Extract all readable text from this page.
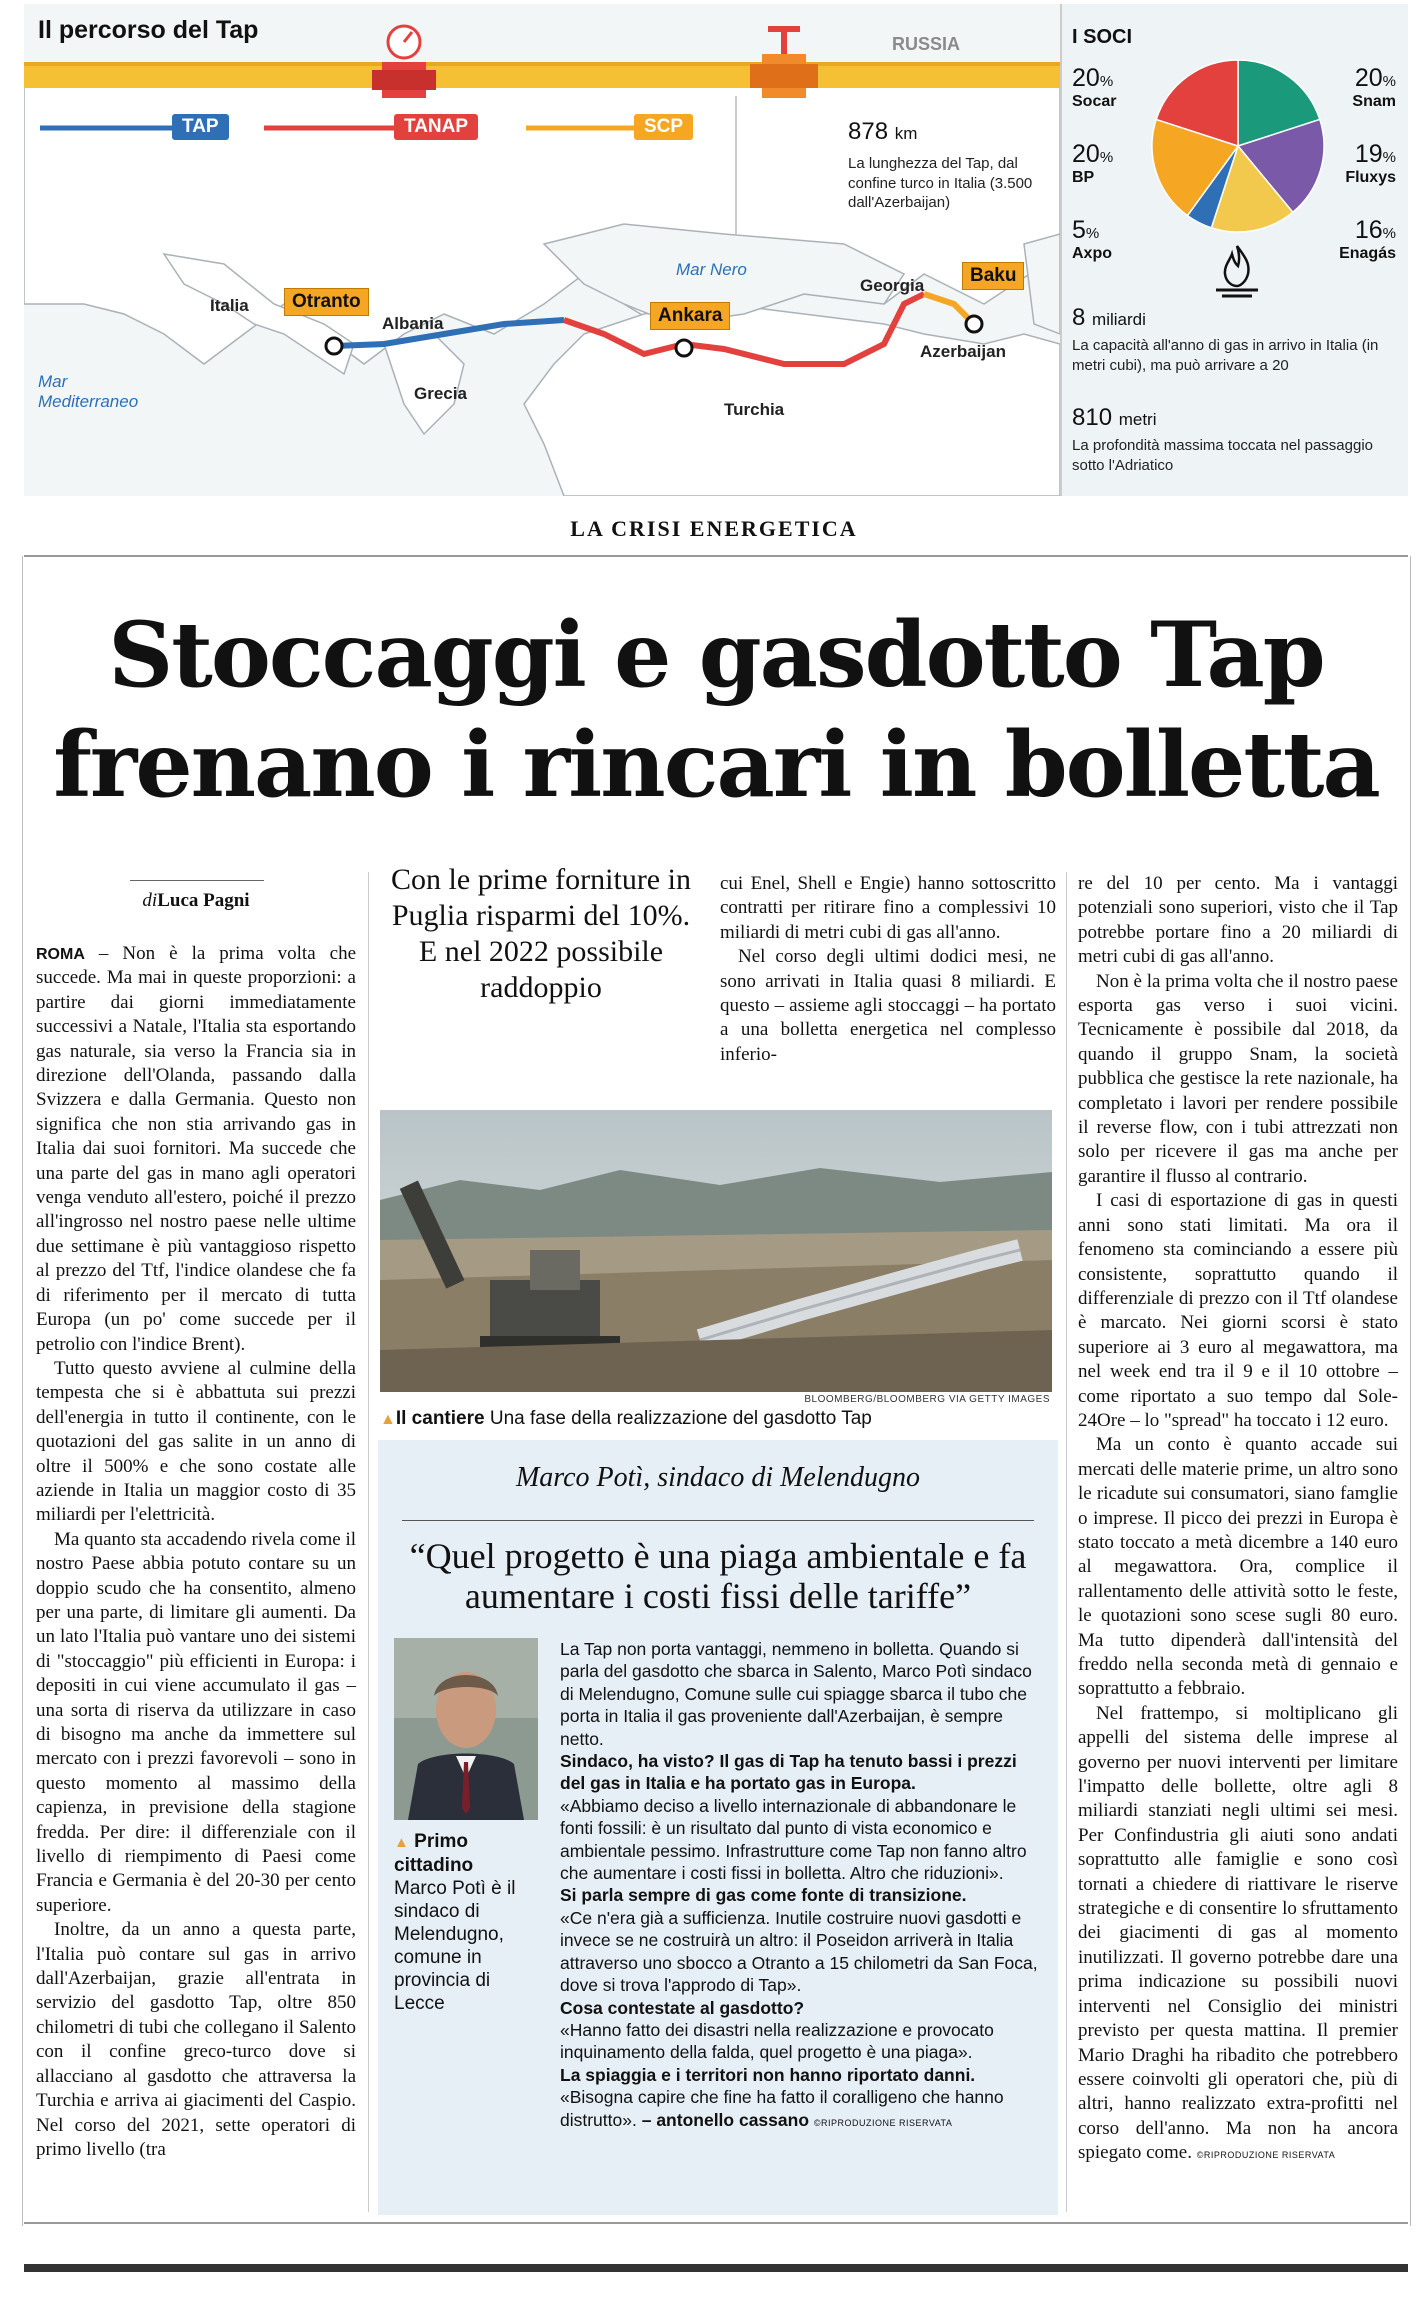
Il percorso del Tap	RUSSIA
TAP	TANAP	SCP
Italia
Albania
Grecia
Turchia
Georgia
Azerbaijan
Mar Mediterraneo
Mar Nero
Otranto
Ankara
Baku
878 km
La lunghezza del Tap, dal confine turco in Italia (3.500 dall'Azerbaijan)
I SOCI
20%
Socar
20%
Snam
20%
BP
19%
Fluxys
5%
Axpo
16%
Enagás
8 miliardi
La capacità all'anno di gas in arrivo in Italia (in metri cubi), ma può arrivare a 20
810 metri
La profondità massima toccata nel passaggio sotto l'Adriatico
LA CRISI ENERGETICA
Stoccaggi e gasdotto Tap
frenano i rincari in bolletta
diLuca Pagni

ROMA – Non è la prima volta che succede. Ma mai in queste proporzioni: a partire dai giorni immediatamente successivi a Natale, l'Italia sta esportando gas naturale, sia verso la Francia sia in direzione dell'Olanda, passando dalla Svizzera e dalla Germania. Questo non significa che non stia arrivando gas in Italia dai suoi fornitori. Ma succede che una parte del gas in mano agli operatori venga venduto all'estero, poiché il prezzo all'ingrosso nel nostro paese nelle ultime due settimane è più vantaggioso rispetto al prezzo del Ttf, l'indice olandese che fa di riferimento per il mercato di tutta Europa (un po' come succede per il petrolio con l'indice Brent).

Tutto questo avviene al culmine della tempesta che si è abbattuta sui prezzi dell'energia in tutto il continente, con le quotazioni del gas salite in un anno di oltre il 500% e che sono costate alle aziende in Italia un maggior costo di 35 miliardi per l'elettricità.

Ma quanto sta accadendo rivela come il nostro Paese abbia potuto contare su un doppio scudo che ha consentito, almeno per una parte, di limitare gli aumenti. Da un lato l'Italia può vantare uno dei sistemi di "stoccaggio" più efficienti in Europa: i depositi in cui viene accumulato il gas – una sorta di riserva da utilizzare in caso di bisogno ma anche da immettere sul mercato con i prezzi favorevoli – sono in questo momento al massimo della capienza, in previsione della stagione fredda. Per dire: il differenziale con il livello di riempimento di Paesi come Francia e Germania è del 20-30 per cento superiore.

Inoltre, da un anno a questa parte, l'Italia può contare sul gas in arrivo dall'Azerbaijan, grazie all'entrata in servizio del gasdotto Tap, oltre 850 chilometri di tubi che collegano il Salento con il confine greco-turco dove si allacciano al gasdotto che attraversa la Turchia e arriva ai giacimenti del Caspio. Nel corso del 2021, sette operatori di primo livello (tra

Con le prime forniture in Puglia risparmi del 10%. E nel 2022 possibile raddoppio

cui Enel, Shell e Engie) hanno sottoscritto contratti per ritirare fino a complessivi 10 miliardi di metri cubi di gas all'anno.

Nel corso degli ultimi dodici mesi, ne sono arrivati in Italia quasi 8 miliardi. E questo – assieme agli stoccaggi – ha portato a una bolletta energetica nel complesso inferio-

re del 10 per cento. Ma i vantaggi potenziali sono superiori, visto che il Tap potrebbe portare fino a 20 miliardi di metri cubi di gas all'anno.

Non è la prima volta che il nostro paese esporta gas verso i suoi vicini. Tecnicamente è possibile dal 2018, da quando il gruppo Snam, la società pubblica che gestisce la rete nazionale, ha completato i lavori per rendere possibile il reverse flow, con i tubi attrezzati non solo per ricevere il gas ma anche per garantire il flusso al contrario.

I casi di esportazione di gas in questi anni sono stati limitati. Ma ora il fenomeno sta cominciando a essere più consistente, soprattutto quando il differenziale di prezzo con il Ttf olandese è marcato. Nei giorni scorsi è stato superiore ai 3 euro al megawattora, ma nel week end tra il 9 e il 10 ottobre – come riportato a suo tempo dal Sole-24Ore – lo "spread" ha toccato i 12 euro.

Ma un conto è quanto accade sui mercati delle materie prime, un altro sono le ricadute sui consumatori, siano famglie o imprese. Il picco dei prezzi in Europa è stato toccato a metà dicembre a 140 euro al megawattora. Ora, complice il rallentamento delle attività sotto le feste, le quotazioni sono scese sugli 80 euro. Ma tutto dipenderà dall'intensità del freddo nella seconda metà di gennaio e soprattutto a febbraio.

Nel frattempo, si moltiplicano gli appelli del sistema delle imprese al governo per nuovi interventi per limitare l'impatto delle bollette, oltre agli 8 miliardi stanziati negli ultimi sei mesi. Per Confindustria gli aiuti sono andati soprattutto alle famiglie e sono così tornati a chiedere di riattivare le riserve strategiche e di consentire lo sfruttamento dei giacimenti di gas al momento inutilizzati. Il governo potrebbe dare una prima indicazione su possibili nuovi interventi nel Consiglio dei ministri previsto per questa mattina. Il premier Mario Draghi ha ribadito che potrebbero essere coinvolti gli operatori che, più di altri, hanno realizzato extra-profitti nel corso dell'anno. Ma non ha ancora spiegato come. ©RIPRODUZIONE RISERVATA

BLOOMBERG/BLOOMBERG VIA GETTY IMAGES
▲Il cantiere Una fase della realizzazione del gasdotto Tap
Marco Potì, sindaco di Melendugno
“Quel progetto è una piaga ambientale e fa aumentare i costi fissi delle tariffe”
▲ Primo cittadino
Marco Potì è il sindaco di Melendugno, comune in provincia di Lecce
La Tap non porta vantaggi, nemmeno in bolletta. Quando si parla del gasdotto che sbarca in Salento, Marco Potì sindaco di Melendugno, Comune sulle cui spiagge sbarca il tubo che porta in Italia il gas proveniente dall'Azerbaijan, è sempre netto.
Sindaco, ha visto? Il gas di Tap ha tenuto bassi i prezzi del gas in Italia e ha portato gas in Europa.
«Abbiamo deciso a livello internazionale di abbandonare le fonti fossili: è un risultato dal punto di vista economico e ambientale pessimo. Infrastrutture come Tap non fanno altro che aumentare i costi fissi in bolletta. Altro che riduzioni».
Si parla sempre di gas come fonte di transizione.
«Ce n'era già a sufficienza. Inutile costruire nuovi gasdotti e invece se ne costruirà un altro: il Poseidon arriverà in Italia attraverso uno sbocco a Otranto a 15 chilometri da San Foca, dove si trova l'approdo di Tap».
Cosa contestate al gasdotto?
«Hanno fatto dei disastri nella realizzazione e provocato inquinamento della falda, quel progetto è una piaga».
La spiaggia e i territori non hanno riportato danni.
«Bisogna capire che fine ha fatto il coralligeno che hanno distrutto». – antonello cassano ©RIPRODUZIONE RISERVATA
